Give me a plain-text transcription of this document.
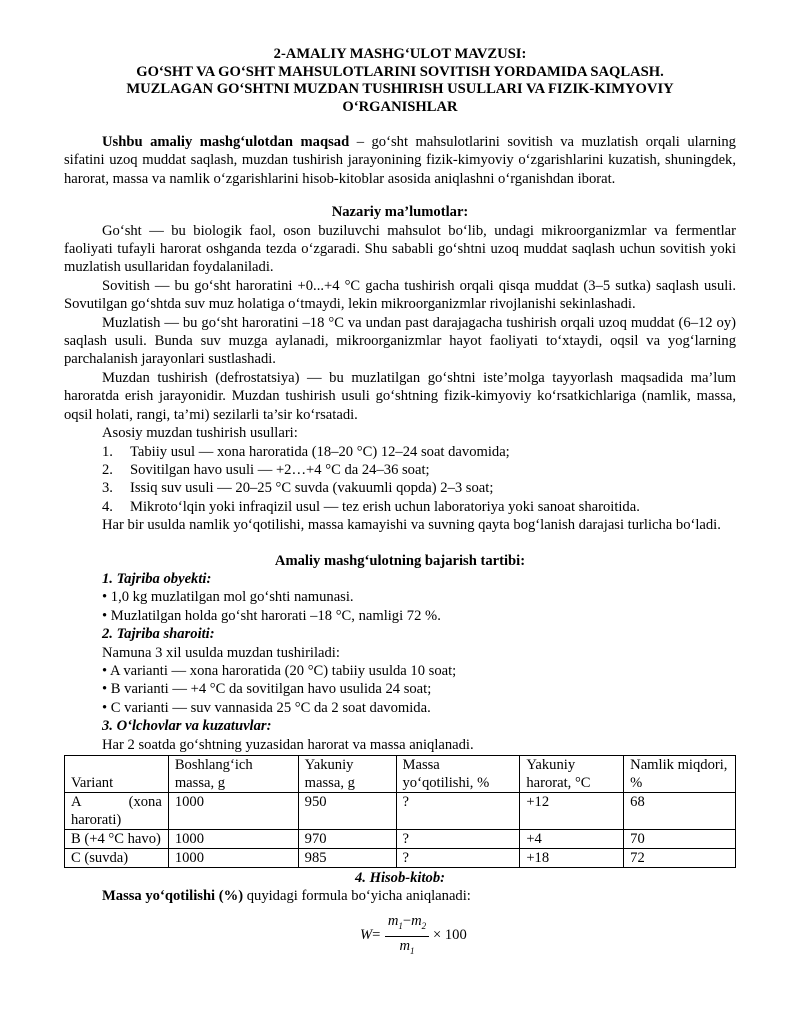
2-AMALIY MASHG‘ULOT MAVZUSI:
GO‘SHT VA GO‘SHT MAHSULOTLARINI SOVITISH YORDAMIDA SAQLASH.
MUZLAGAN GO‘SHTNI MUZDAN TUSHIRISH USULLARI VA FIZIK-KIMYOVIY
O‘RGANISHLAR

Ushbu amaliy mashg‘ulotdan maqsad – go‘sht mahsulotlarini sovitish va muzlatish orqali ularning sifatini uzoq muddat saqlash, muzdan tushirish jarayonining fizik-kimyoviy o‘zgarishlarini kuzatish, shuningdek, harorat, massa va namlik o‘zgarishlarini hisob-kitoblar asosida aniqlashni o‘rganishdan iborat.

Nazariy ma’lumotlar:

Go‘sht — bu biologik faol, oson buziluvchi mahsulot bo‘lib, undagi mikroorganizmlar va fermentlar faoliyati tufayli harorat oshganda tezda o‘zgaradi. Shu sababli go‘shtni uzoq muddat saqlash uchun sovitish yoki muzlatish usullaridan foydalaniladi.

Sovitish — bu go‘sht haroratini +0...+4 °C gacha tushirish orqali qisqa muddat (3–5 sutka) saqlash usuli. Sovutilgan go‘shtda suv muz holatiga o‘tmaydi, lekin mikroorganizmlar rivojlanishi sekinlashadi.

Muzlatish — bu go‘sht haroratini –18 °C va undan past darajagacha tushirish orqali uzoq muddat (6–12 oy) saqlash usuli. Bunda suv muzga aylanadi, mikroorganizmlar hayot faoliyati to‘xtaydi, oqsil va yog‘larning parchalanish jarayonlari sustlashadi.

Muzdan tushirish (defrostatsiya) — bu muzlatilgan go‘shtni iste’molga tayyorlash maqsadida ma’lum haroratda erish jarayonidir. Muzdan tushirish usuli go‘shtning fizik-kimyoviy ko‘rsatkichlariga (namlik, massa, oqsil holati, rangi, ta’mi) sezilarli ta’sir ko‘rsatadi.

Asosiy muzdan tushirish usullari:

1. Tabiiy usul — xona haroratida (18–20 °C) 12–24 soat davomida;
2. Sovitilgan havo usuli — +2…+4 °C da 24–36 soat;
3. Issiq suv usuli — 20–25 °C suvda (vakuumli qopda) 2–3 soat;
4. Mikroto‘lqin yoki infraqizil usul — tez erish uchun laboratoriya yoki sanoat sharoitida.

Har bir usulda namlik yo‘qotilishi, massa kamayishi va suvning qayta bog‘lanish darajasi turlicha bo‘ladi.

Amaliy mashg‘ulotning bajarish tartibi:
1. Tajriba obyekti:
• 1,0 kg muzlatilgan mol go‘shti namunasi.
• Muzlatilgan holda go‘sht harorati –18 °C, namligi 72 %.
2. Tajriba sharoiti:
Namuna 3 xil usulda muzdan tushiriladi:
• A varianti — xona haroratida (20 °C) tabiiy usulda 10 soat;
• B varianti — +4 °C da sovitilgan havo usulida 24 soat;
• C varianti — suv vannasida 25 °C da 2 soat davomida.
3. O‘lchovlar va kuzatuvlar:
Har 2 soatda go‘shtning yuzasidan harorat va massa aniqlanadi.
Variant	Boshlang‘ich massa, g	Yakuniy massa, g	Massa yo‘qotilishi, %	Yakuniy harorat, °C	Namlik miqdori, %
A (xona harorati)	1000	950	?	+12	68
B (+4 °C havo)	1000	970	?	+4	70
C (suvda)	1000	985	?	+18	72
4. Hisob-kitob:

Massa yo‘qotilishi (%) quyidagi formula bo‘yicha aniqlanadi:

$W= \frac{m_1-m_2}{m_1} \times 100$
